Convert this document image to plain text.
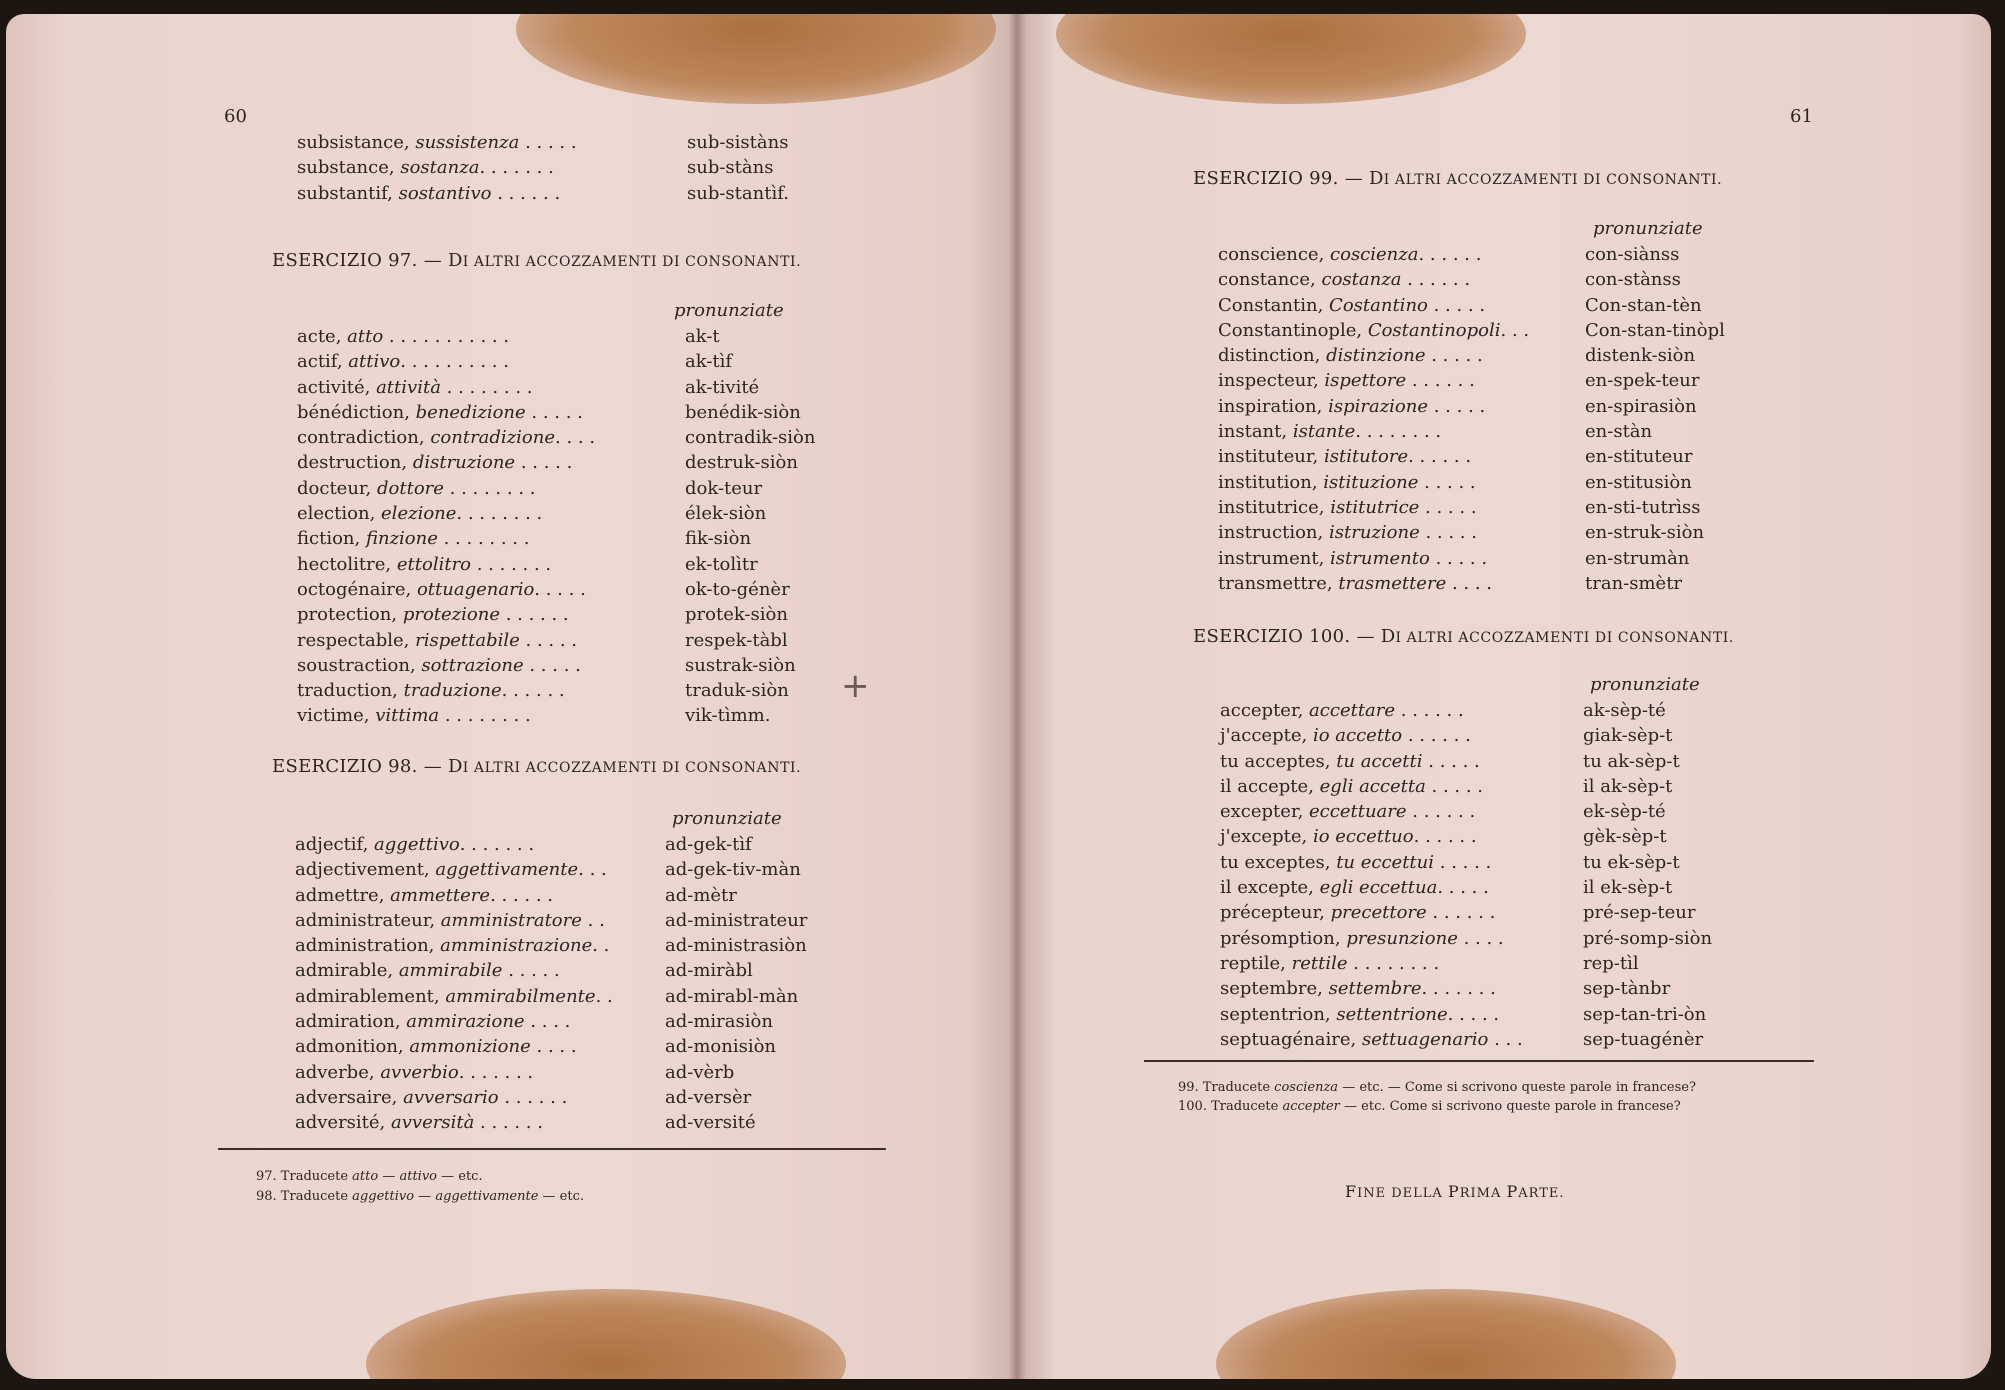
60
subsistance, sussistenza . . . . .	sub-sistàns
substance, sostanza. . . . . . .	sub-stàns
substantif, sostantivo . . . . . .	sub-stantìf.
ESERCIZIO 97. — DI ALTRI ACCOZZAMENTI DI CONSONANTI.
pronunziate
acte, atto . . . . . . . . . . .	ak-t
actif, attivo. . . . . . . . . .	ak-tìf
activité, attività . . . . . . . .	ak-tivité
bénédiction, benedizione . . . . .	benédik-siòn
contradiction, contradizione. . . .	contradik-siòn
destruction, distruzione . . . . .	destruk-siòn
docteur, dottore . . . . . . . .	dok-teur
election, elezione. . . . . . . .	élek-siòn
fiction, finzione . . . . . . . .	fik-siòn
hectolitre, ettolitro . . . . . . .	ek-tolìtr
octogénaire, ottuagenario. . . . .	ok-to-génèr
protection, protezione . . . . . .	protek-siòn
respectable, rispettabile . . . . .	respek-tàbl
soustraction, sottrazione . . . . .	sustrak-siòn
traduction, traduzione. . . . . .	traduk-siòn
victime, vittima . . . . . . . .	vik-tìmm.
ESERCIZIO 98. — DI ALTRI ACCOZZAMENTI DI CONSONANTI.
pronunziate
adjectif, aggettivo. . . . . . .	ad-gek-tìf
adjectivement, aggettivamente. . .	ad-gek-tiv-màn
admettre, ammettere. . . . . .	ad-mètr
administrateur, amministratore . .	ad-ministrateur
administration, amministrazione. .	ad-ministrasiòn
admirable, ammirabile . . . . .	ad-miràbl
admirablement, ammirabilmente. .	ad-mirabl-màn
admiration, ammirazione . . . .	ad-mirasiòn
admonition, ammonizione . . . .	ad-monisiòn
adverbe, avverbio. . . . . . .	ad-vèrb
adversaire, avversario . . . . . .	ad-versèr
adversité, avversità . . . . . .	ad-versité
97. Traducete atto — attivo — etc.
98. Traducete aggettivo — aggettivamente — etc.
+
61
ESERCIZIO 99. — DI ALTRI ACCOZZAMENTI DI CONSONANTI.
pronunziate
conscience, coscienza. . . . . .	con-siànss
constance, costanza . . . . . .	con-stànss
Constantin, Costantino . . . . .	Con-stan-tèn
Constantinople, Costantinopoli. . .	Con-stan-tinòpl
distinction, distinzione . . . . .	distenk-siòn
inspecteur, ispettore . . . . . .	en-spek-teur
inspiration, ispirazione . . . . .	en-spirasiòn
instant, istante. . . . . . . .	en-stàn
instituteur, istitutore. . . . . .	en-stituteur
institution, istituzione . . . . .	en-stitusiòn
institutrice, istitutrice . . . . .	en-sti-tutrìss
instruction, istruzione . . . . .	en-struk-siòn
instrument, istrumento . . . . .	en-strumàn
transmettre, trasmettere . . . .	tran-smètr
ESERCIZIO 100. — DI ALTRI ACCOZZAMENTI DI CONSONANTI.
pronunziate
accepter, accettare . . . . . .	ak-sèp-té
j'accepte, io accetto . . . . . .	giak-sèp-t
tu acceptes, tu accetti . . . . .	tu ak-sèp-t
il accepte, egli accetta . . . . .	il ak-sèp-t
excepter, eccettuare . . . . . .	ek-sèp-té
j'excepte, io eccettuo. . . . . .	gèk-sèp-t
tu exceptes, tu eccettui . . . . .	tu ek-sèp-t
il excepte, egli eccettua. . . . .	il ek-sèp-t
précepteur, precettore . . . . . .	pré-sep-teur
présomption, presunzione . . . .	pré-somp-siòn
reptile, rettile . . . . . . . .	rep-tìl
septembre, settembre. . . . . . .	sep-tànbr
septentrion, settentrione. . . . .	sep-tan-tri-òn
septuagénaire, settuagenario . . .	sep-tuagénèr
99. Traducete coscienza — etc. — Come si scrivono queste parole in francese?
100. Traducete accepter — etc. Come si scrivono queste parole in francese?
FINE DELLA PRIMA PARTE.
